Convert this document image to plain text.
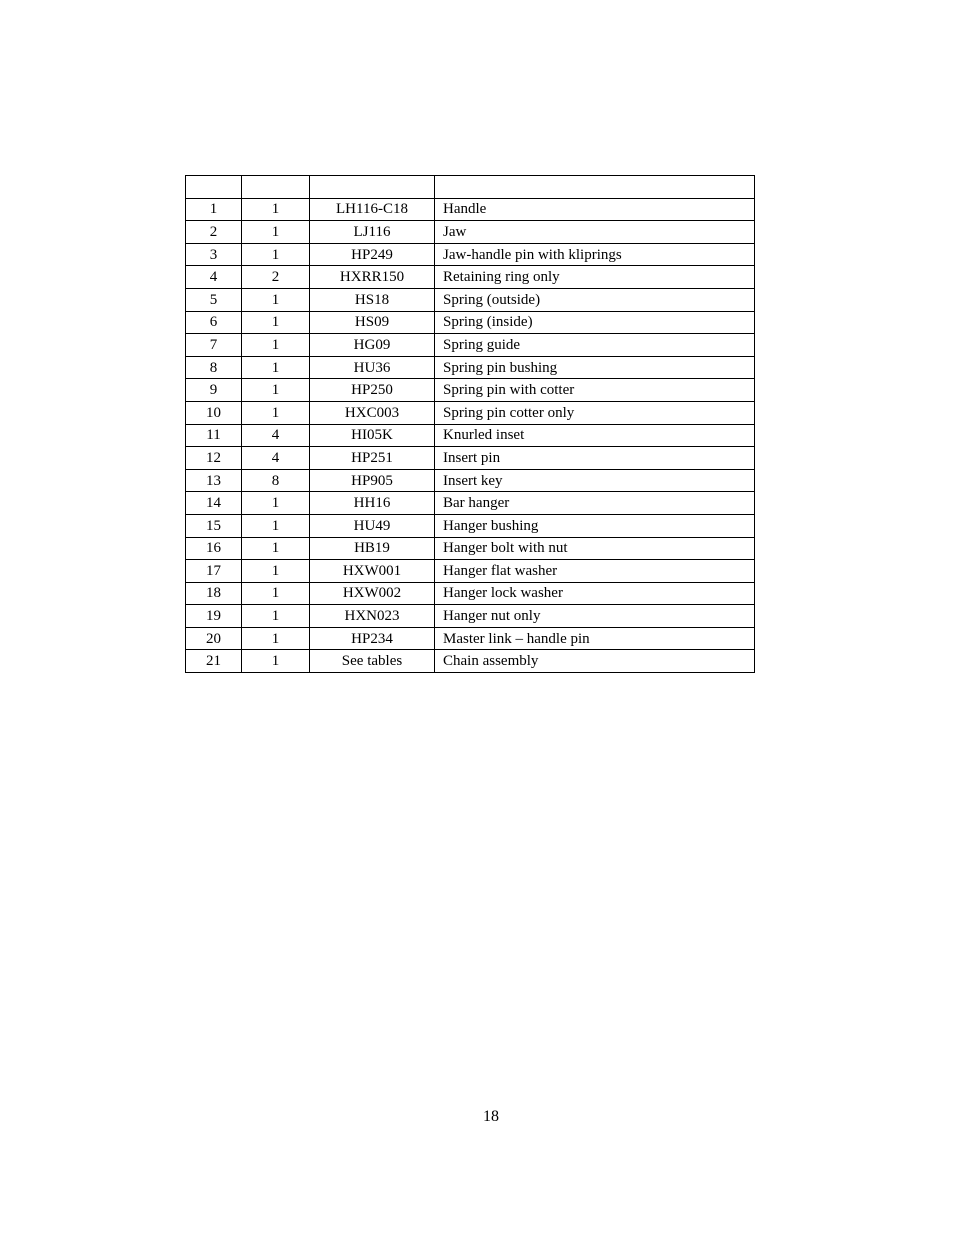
1	1	LH116-C18	Handle
2	1	LJ116	Jaw
3	1	HP249	Jaw-handle pin with kliprings
4	2	HXRR150	Retaining ring only
5	1	HS18	Spring (outside)
6	1	HS09	Spring (inside)
7	1	HG09	Spring guide
8	1	HU36	Spring pin bushing
9	1	HP250	Spring pin with cotter
10	1	HXC003	Spring pin cotter only
11	4	HI05K	Knurled inset
12	4	HP251	Insert pin
13	8	HP905	Insert key
14	1	HH16	Bar hanger
15	1	HU49	Hanger bushing
16	1	HB19	Hanger bolt with nut
17	1	HXW001	Hanger flat washer
18	1	HXW002	Hanger lock washer
19	1	HXN023	Hanger nut only
20	1	HP234	Master link – handle pin
21	1	See tables	Chain assembly
18
